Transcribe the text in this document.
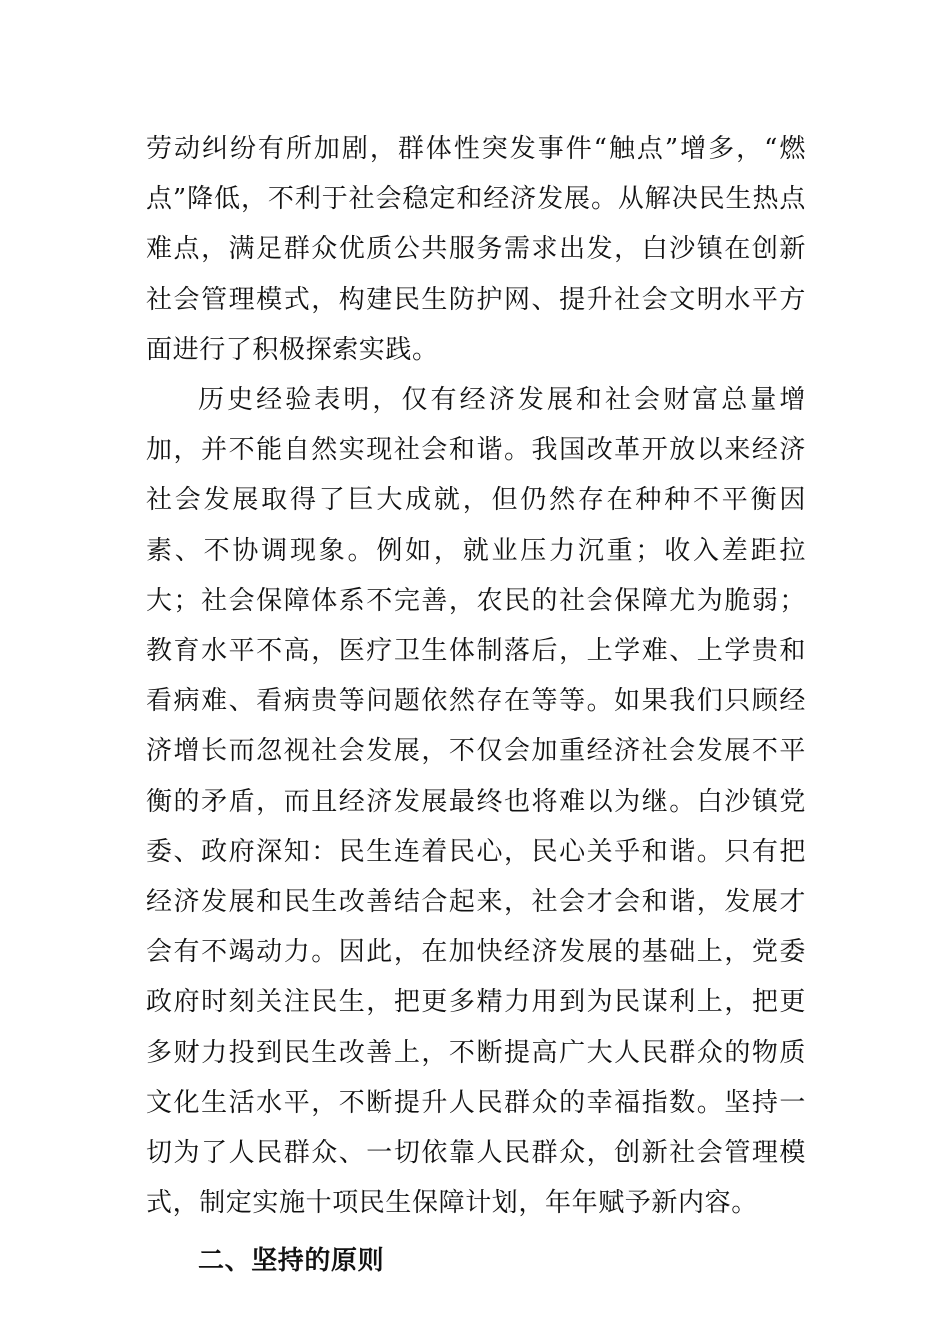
劳动纠纷有所加剧，群体性突发事件“触点”增多，“燃点”降低，不利于社会稳定和经济发展。从解决民生热点难点，满足群众优质公共服务需求出发，白沙镇在创新社会管理模式，构建民生防护网、提升社会文明水平方面进行了积极探索实践。

历史经验表明，仅有经济发展和社会财富总量增加，并不能自然实现社会和谐。我国改革开放以来经济社会发展取得了巨大成就，但仍然存在种种不平衡因素、不协调现象。例如，就业压力沉重；收入差距拉大；社会保障体系不完善，农民的社会保障尤为脆弱；教育水平不高，医疗卫生体制落后，上学难、上学贵和看病难、看病贵等问题依然存在等等。如果我们只顾经济增长而忽视社会发展，不仅会加重经济社会发展不平衡的矛盾，而且经济发展最终也将难以为继。白沙镇党委、政府深知：民生连着民心，民心关乎和谐。只有把经济发展和民生改善结合起来，社会才会和谐，发展才会有不竭动力。因此，在加快经济发展的基础上，党委政府时刻关注民生，把更多精力用到为民谋利上，把更多财力投到民生改善上，不断提高广大人民群众的物质文化生活水平，不断提升人民群众的幸福指数。坚持一切为了人民群众、一切依靠人民群众，创新社会管理模式，制定实施十项民生保障计划，年年赋予新内容。

二、坚持的原则
